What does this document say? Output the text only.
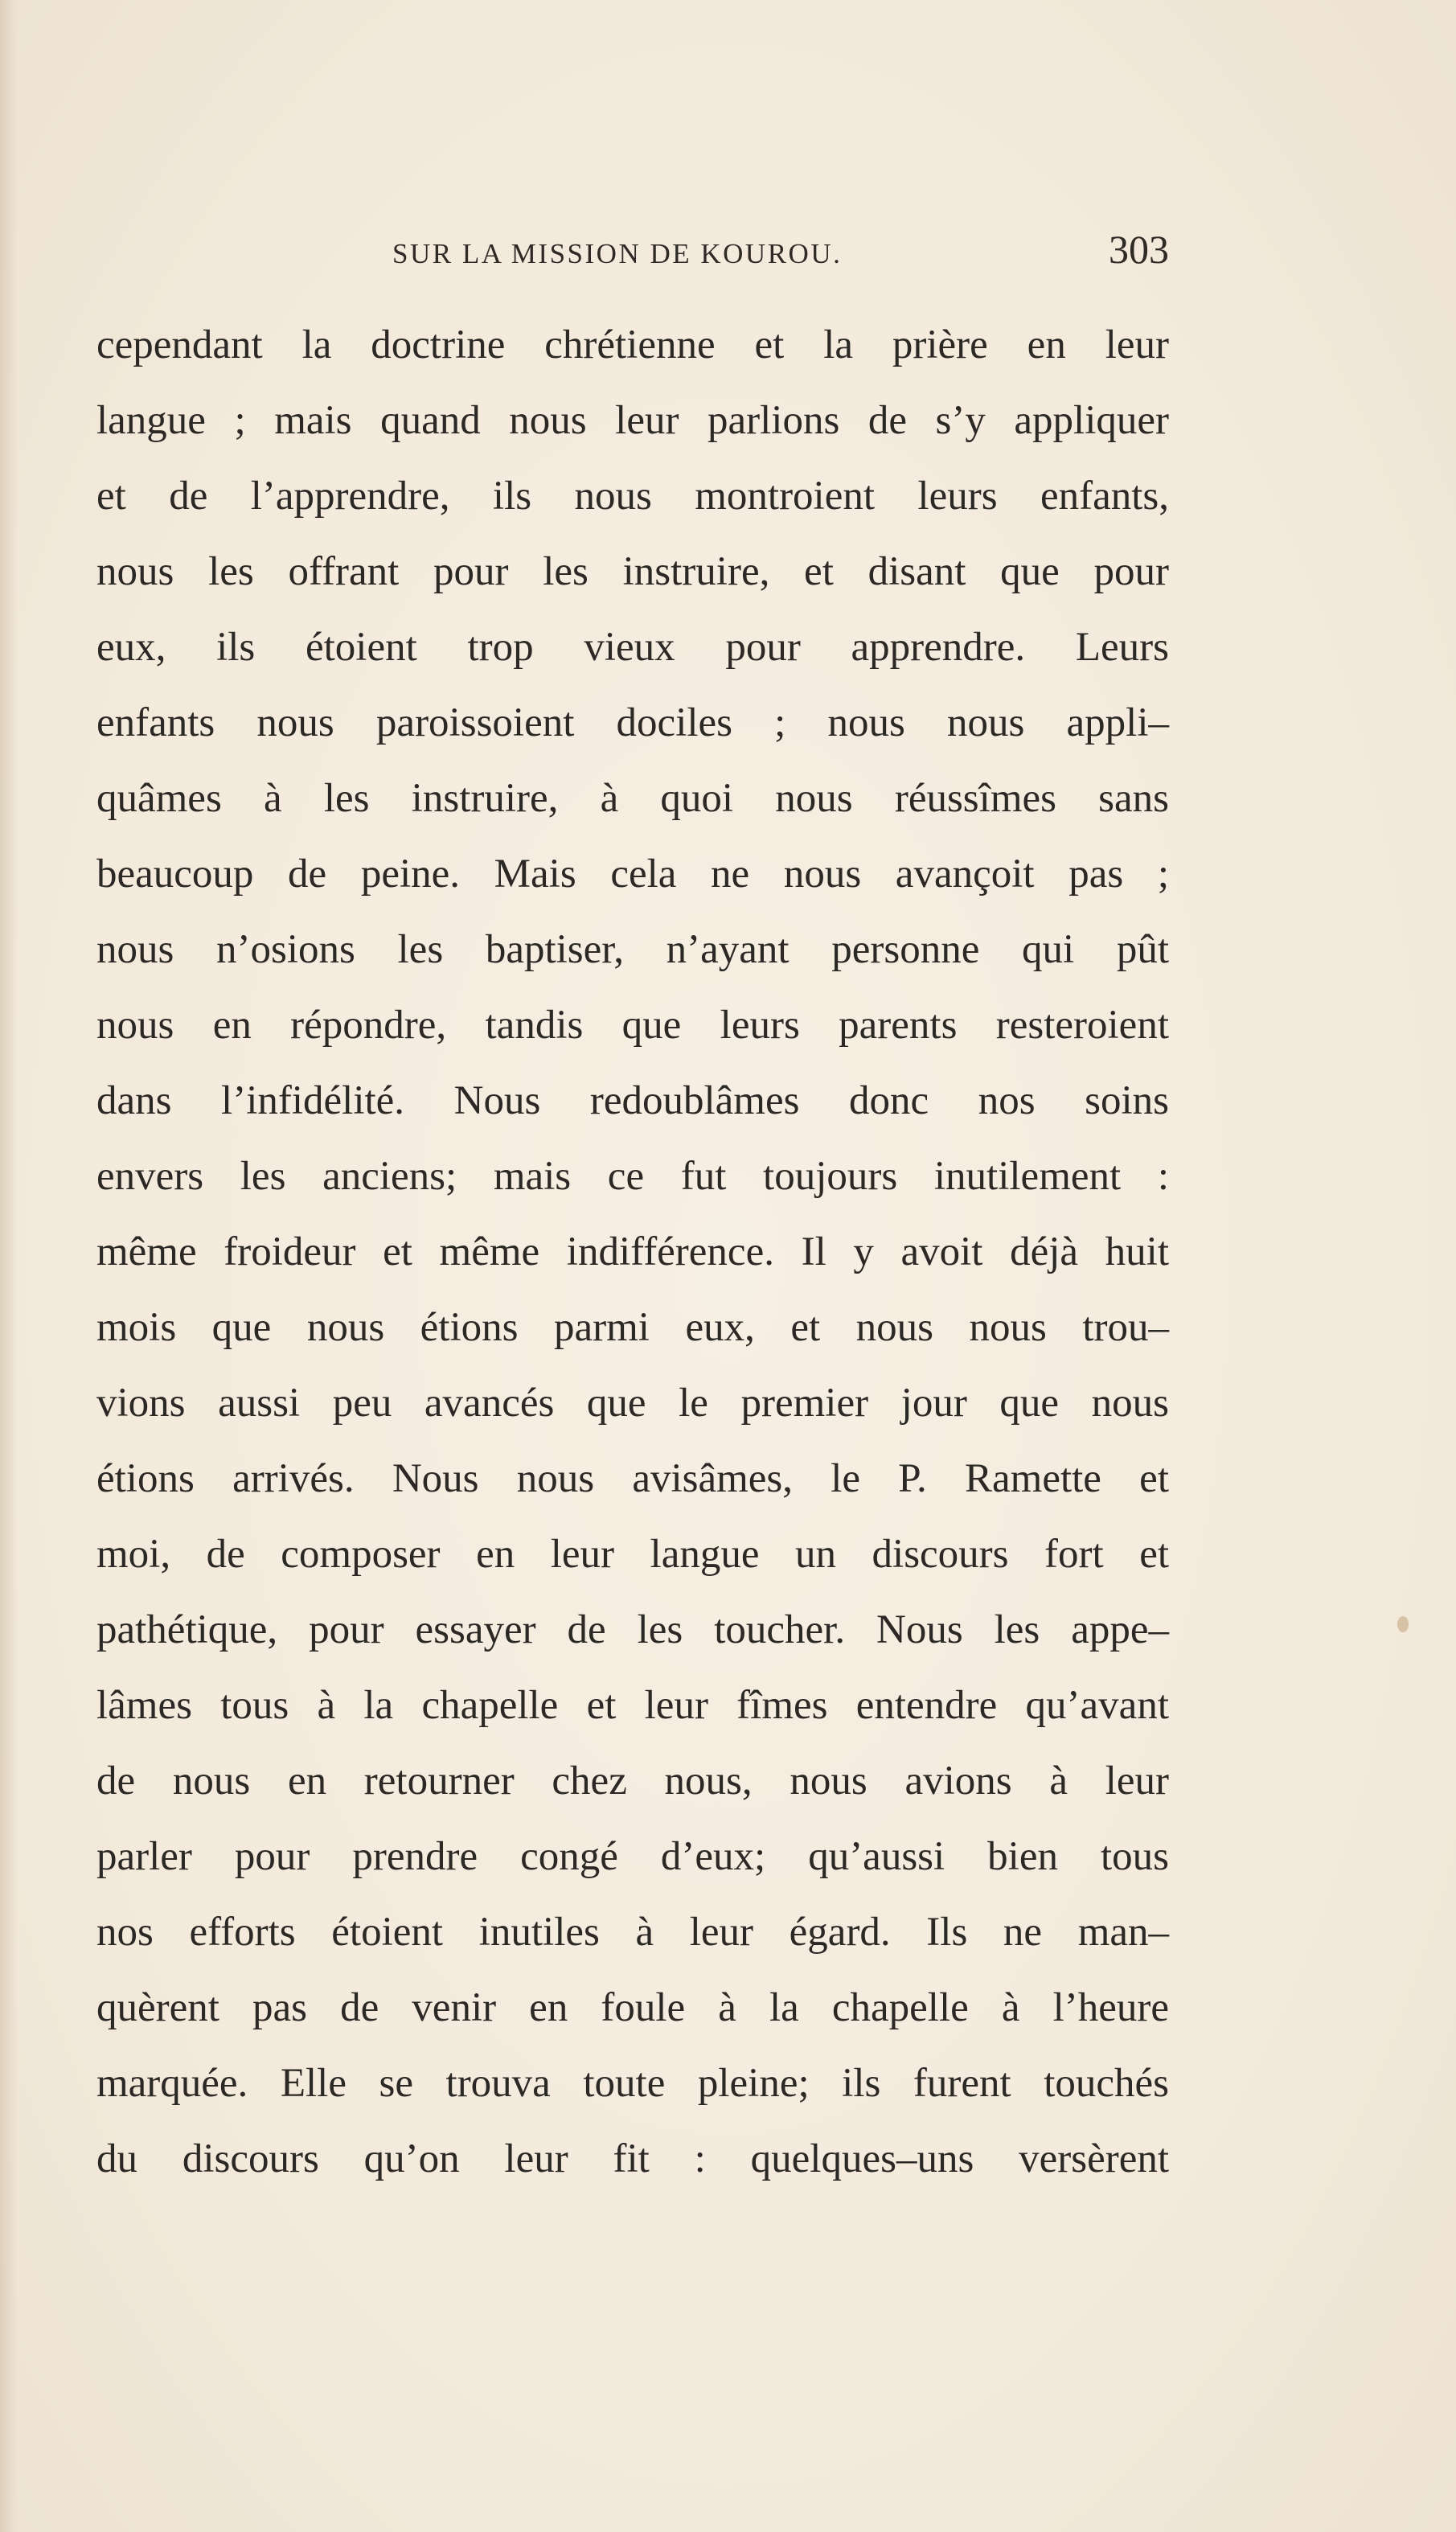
SUR LA MISSION DE KOUROU.	303
cependant la doctrine chrétienne et la prière en leur
langue ; mais quand nous leur parlions de s’y appliquer
et de l’apprendre, ils nous montroient leurs enfants,
nous les offrant pour les instruire, et disant que pour
eux, ils étoient trop vieux pour apprendre. Leurs
enfants nous paroissoient dociles ; nous nous appli–
quâmes à les instruire, à quoi nous réussîmes sans
beaucoup de peine. Mais cela ne nous avançoit pas ;
nous n’osions les baptiser, n’ayant personne qui pût
nous en répondre, tandis que leurs parents resteroient
dans l’infidélité. Nous redoublâmes donc nos soins
envers les anciens; mais ce fut toujours inutilement :
même froideur et même indifférence. Il y avoit déjà huit
mois que nous étions parmi eux, et nous nous trou–
vions aussi peu avancés que le premier jour que nous
étions arrivés. Nous nous avisâmes, le P. Ramette et
moi, de composer en leur langue un discours fort et
pathétique, pour essayer de les toucher. Nous les appe–
lâmes tous à la chapelle et leur fîmes entendre qu’avant
de nous en retourner chez nous, nous avions à leur
parler pour prendre congé d’eux; qu’aussi bien tous
nos efforts étoient inutiles à leur égard. Ils ne man–
quèrent pas de venir en foule à la chapelle à l’heure
marquée. Elle se trouva toute pleine; ils furent touchés
du discours qu’on leur fit : quelques–uns versèrent
